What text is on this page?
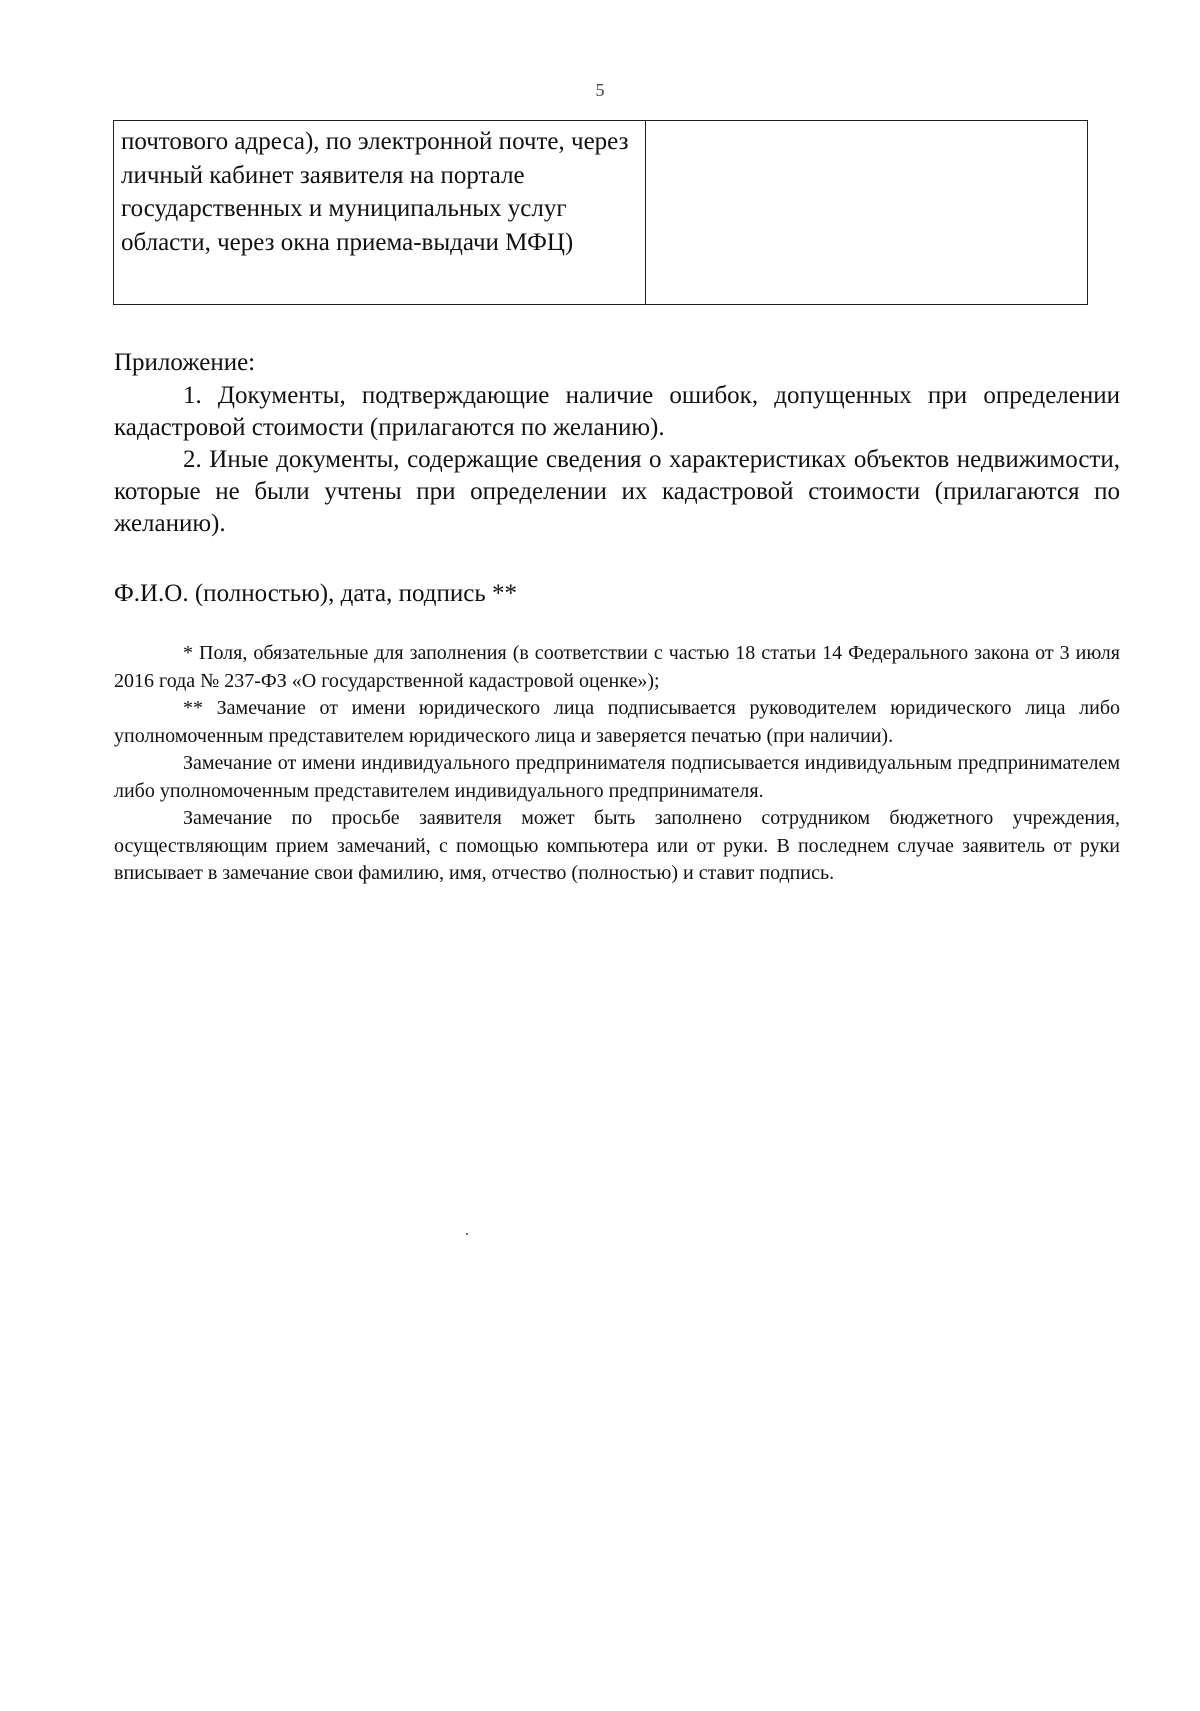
5
почтового адреса), по электронной почте, через личный кабинет заявителя на портале государственных и муниципальных услуг области, через окна приема-выдачи МФЦ)
Приложение:

1. Документы, подтверждающие наличие ошибок, допущенных при определении кадастровой стоимости (прилагаются по желанию).

2. Иные документы, содержащие сведения о характеристиках объектов недвижимости, которые не были учтены при определении их кадастровой стоимости (прилагаются по желанию).

Ф.И.О. (полностью), дата, подпись **

* Поля, обязательные для заполнения (в соответствии с частью 18 статьи 14 Федерального закона от 3 июля 2016 года № 237-ФЗ «О государственной кадастровой оценке»);

** Замечание от имени юридического лица подписывается руководителем юридического лица либо уполномоченным представителем юридического лица и заверяется печатью (при наличии).

Замечание от имени индивидуального предпринимателя подписывается индивидуальным предпринимателем либо уполномоченным представителем индивидуального предпринимателя.

Замечание по просьбе заявителя может быть заполнено сотрудником бюджетного учреждения, осуществляющим прием замечаний, с помощью компьютера или от руки. В последнем случае заявитель от руки вписывает в замечание свои фамилию, имя, отчество (полностью) и ставит подпись.
